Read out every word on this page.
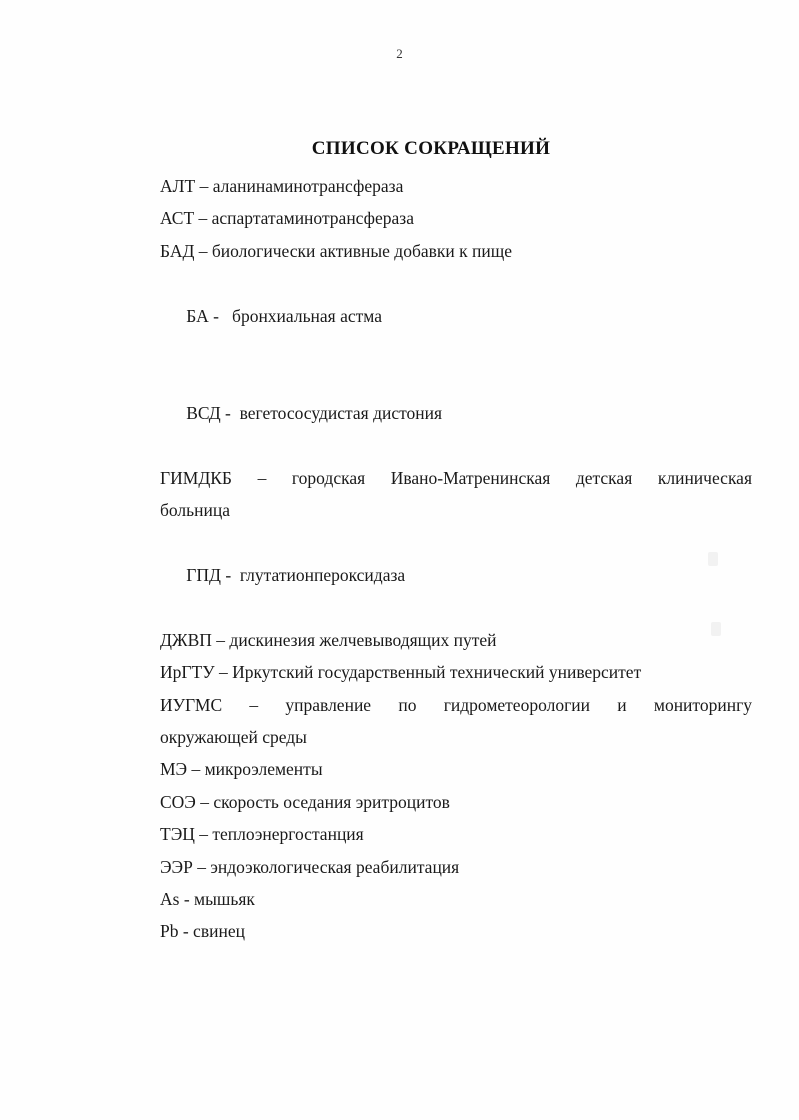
2
СПИСОК СОКРАЩЕНИЙ
АЛТ – аланинаминотрансфераза
АСТ – аспартатаминотрансфераза
БАД – биологически активные добавки к пище

БА -   бронхиальная астма

ВСД -  вегетососудистая дистония

ГИМДКБ – городская Ивано-Матренинская детская клиническая
больница

ГПД -  глутатионпероксидаза

ДЖВП – дискинезия желчевыводящих путей
ИрГТУ – Иркутский государственный технический университет
ИУГМС – управление по гидрометеорологии и мониторингу
окружающей среды
МЭ – микроэлементы
СОЭ – скорость оседания эритроцитов
ТЭЦ – теплоэнергостанция
ЭЭР – эндоэкологическая реабилитация
As - мышьяк
Pb - свинец
